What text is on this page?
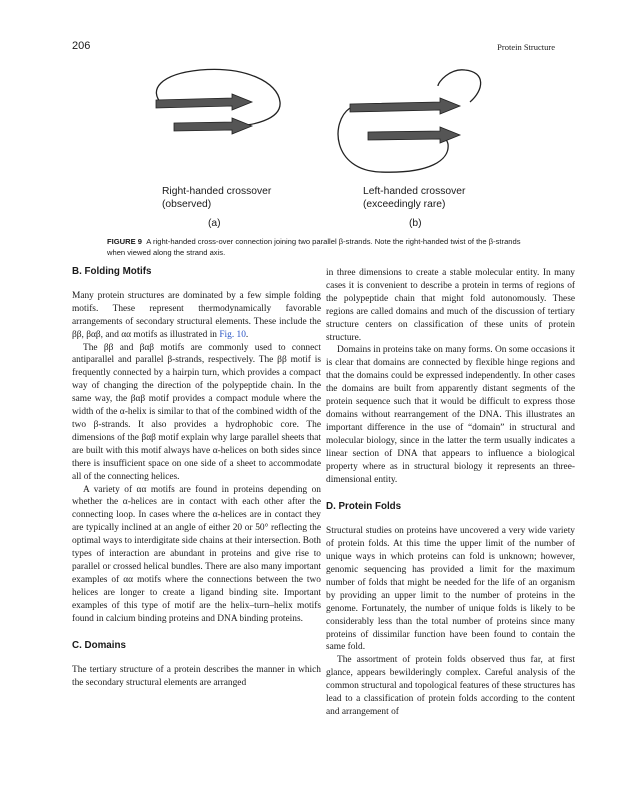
206	Protein Structure
Right-handed crossover
(observed)
Left-handed crossover
(exceedingly rare)
(a)	(b)
FIGURE 9 A right-handed cross-over connection joining two parallel β-strands. Note the right-handed twist of the β-strands when viewed along the strand axis.
B. Folding Motifs

Many protein structures are dominated by a few simple folding motifs. These represent thermodynamically favorable arrangements of secondary structural elements. These include the ββ, βαβ, and αα motifs as illustrated in Fig. 10.

The ββ and βαβ motifs are commonly used to connect antiparallel and parallel β-strands, respectively. The ββ motif is frequently connected by a hairpin turn, which provides a compact way of changing the direction of the polypeptide chain. In the same way, the βαβ motif provides a compact module where the width of the α-helix is similar to that of the combined width of the two β-strands. It also provides a hydrophobic core. The dimensions of the βαβ motif explain why large parallel sheets that are built with this motif always have α-helices on both sides since there is insufficient space on one side of a sheet to accommodate all of the connecting helices.

A variety of αα motifs are found in proteins depending on whether the α-helices are in contact with each other after the connecting loop. In cases where the α-helices are in contact they are typically inclined at an angle of either 20 or 50° reflecting the optimal ways to interdigitate side chains at their intersection. Both types of interaction are abundant in proteins and give rise to parallel or crossed helical bundles. There are also many important examples of αα motifs where the connections between the two helices are longer to create a ligand binding site. Important examples of this type of motif are the helix–turn–helix motifs found in calcium binding proteins and DNA binding proteins.

C. Domains

The tertiary structure of a protein describes the manner in which the secondary structural elements are arranged

in three dimensions to create a stable molecular entity. In many cases it is convenient to describe a protein in terms of regions of the polypeptide chain that might fold autonomously. These regions are called domains and much of the discussion of tertiary structure centers on classification of these units of protein structure.

Domains in proteins take on many forms. On some occasions it is clear that domains are connected by flexible hinge regions and that the domains could be expressed independently. In other cases the domains are built from apparently distant segments of the protein sequence such that it would be difficult to express those domains without rearrangement of the DNA. This illustrates an important difference in the use of “domain” in structural and molecular biology, since in the latter the term usually indicates a linear section of DNA that appears to influence a biological property where as in structural biology it represents an three-dimensional entity.

D. Protein Folds

Structural studies on proteins have uncovered a very wide variety of protein folds. At this time the upper limit of the number of unique ways in which proteins can fold is unknown; however, genomic sequencing has provided a limit for the maximum number of folds that might be needed for the life of an organism by providing an upper limit to the number of proteins in the genome. Fortunately, the number of unique folds is likely to be considerably less than the total number of proteins since many proteins of dissimilar function have been found to contain the same fold.

The assortment of protein folds observed thus far, at first glance, appears bewilderingly complex. Careful analysis of the common structural and topological features of these structures has lead to a classification of protein folds according to the content and arrangement of
